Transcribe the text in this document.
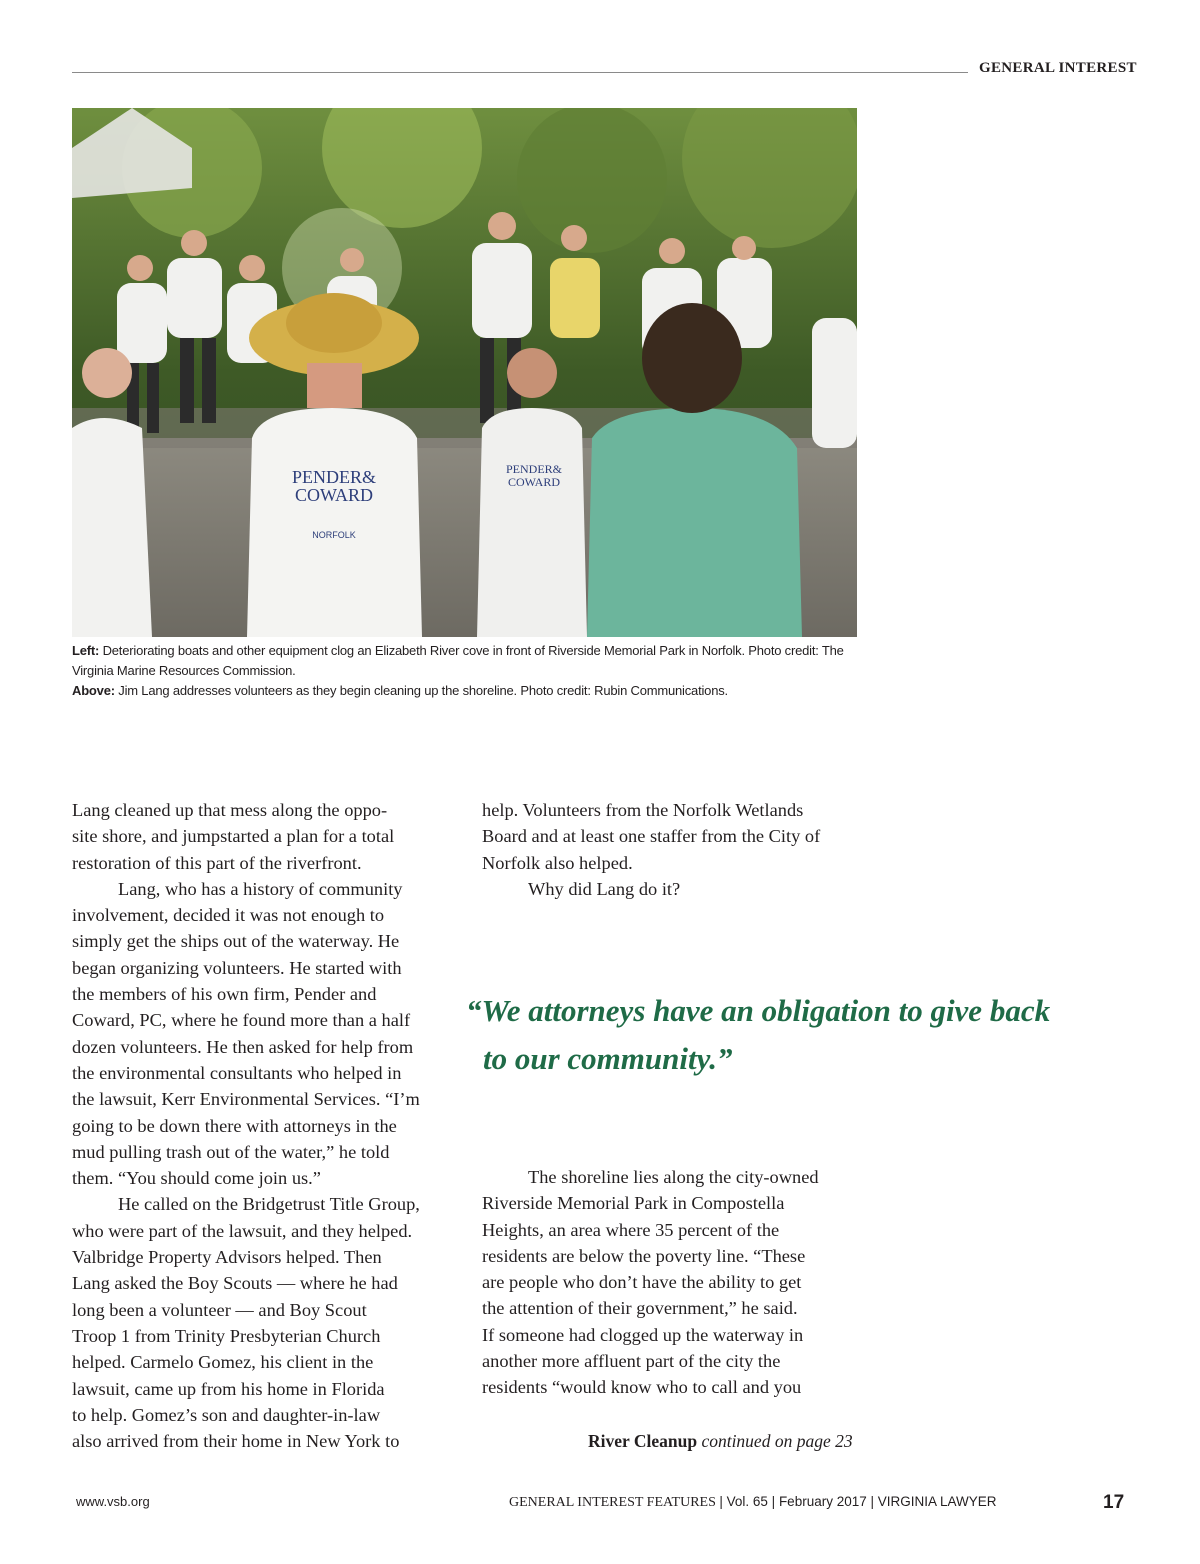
GENERAL INTEREST
PENDER&
COWARD
NORFOLK
PENDER&
COWARD
Left: Deteriorating boats and other equipment clog an Elizabeth River cove in front of Riverside Memorial Park in Norfolk. Photo credit: The Virginia Marine Resources Commission.
Above: Jim Lang addresses volunteers as they begin cleaning up the shoreline. Photo credit: Rubin Communications.

Lang cleaned up that mess along the oppo-
site shore, and jumpstarted a plan for a total
restoration of this part of the riverfront.

Lang, who has a history of community
involvement, decided it was not enough to
simply get the ships out of the waterway. He
began organizing volunteers. He started with
the members of his own firm, Pender and
Coward, PC, where he found more than a half
dozen volunteers. He then asked for help from
the environmental consultants who helped in
the lawsuit, Kerr Environmental Services. “I’m
going to be down there with attorneys in the
mud pulling trash out of the water,” he told
them. “You should come join us.”

He called on the Bridgetrust Title Group,
who were part of the lawsuit, and they helped.
Valbridge Property Advisors helped. Then
Lang asked the Boy Scouts — where he had
long been a volunteer — and Boy Scout
Troop 1 from Trinity Presbyterian Church
helped. Carmelo Gomez, his client in the
lawsuit, came up from his home in Florida
to help. Gomez’s son and daughter-in-law
also arrived from their home in New York to

help. Volunteers from the Norfolk Wetlands
Board and at least one staffer from the City of
Norfolk also helped.

Why did Lang do it?

“We attorneys have an obligation to give back
to our community.”

The shoreline lies along the city-owned
Riverside Memorial Park in Compostella
Heights, an area where 35 percent of the
residents are below the poverty line. “These
are people who don’t have the ability to get
the attention of their government,” he said.
If someone had clogged up the waterway in
another more affluent part of the city the
residents “would know who to call and you

River Cleanup continued on page 23
www.vsb.org	GENERAL INTEREST FEATURES | Vol. 65 | February 2017 | VIRGINIA LAWYER	17
